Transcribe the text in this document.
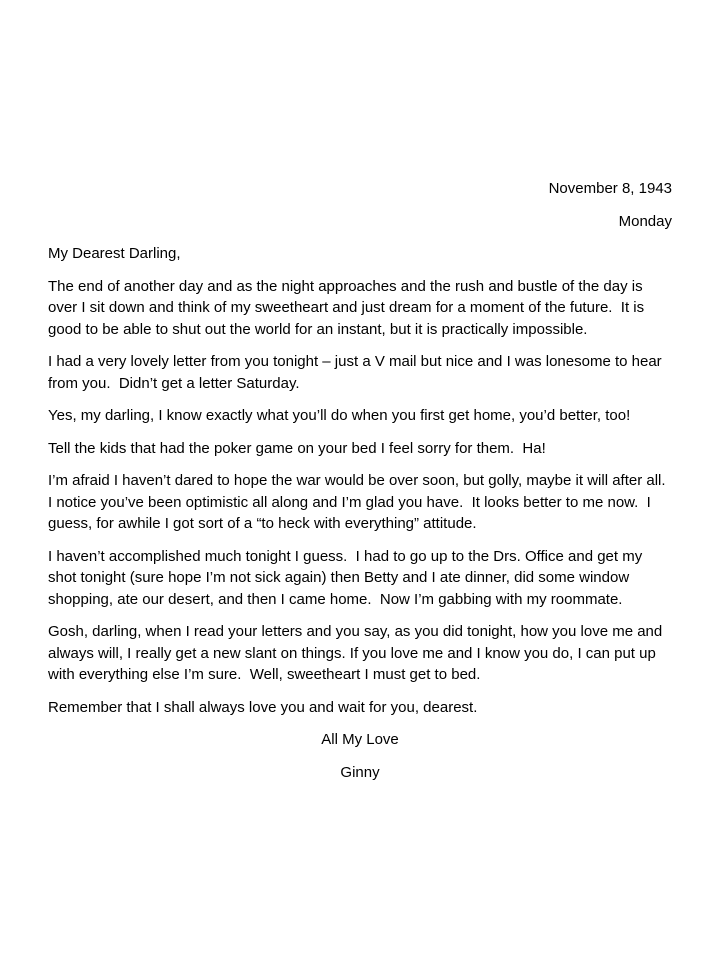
November 8, 1943
Monday
My Dearest Darling,

The end of another day and as the night approaches and the rush and bustle of the day is over I sit down and think of my sweetheart and just dream for a moment of the future.  It is good to be able to shut out the world for an instant, but it is practically impossible.

I had a very lovely letter from you tonight – just a V mail but nice and I was lonesome to hear from you.  Didn’t get a letter Saturday.

Yes, my darling, I know exactly what you’ll do when you first get home, you’d better, too!

Tell the kids that had the poker game on your bed I feel sorry for them.  Ha!

I’m afraid I haven’t dared to hope the war would be over soon, but golly, maybe it will after all.  I notice you’ve been optimistic all along and I’m glad you have.  It looks better to me now.  I guess, for awhile I got sort of a “to heck with everything” attitude.

I haven’t accomplished much tonight I guess.  I had to go up to the Drs. Office and get my shot tonight (sure hope I’m not sick again) then Betty and I ate dinner, did some window shopping, ate our desert, and then I came home.  Now I’m gabbing with my roommate.

Gosh, darling, when I read your letters and you say, as you did tonight, how you love me and always will, I really get a new slant on things. If you love me and I know you do, I can put up with everything else I’m sure.  Well, sweetheart I must get to bed.

Remember that I shall always love you and wait for you, dearest.

All My Love
Ginny
